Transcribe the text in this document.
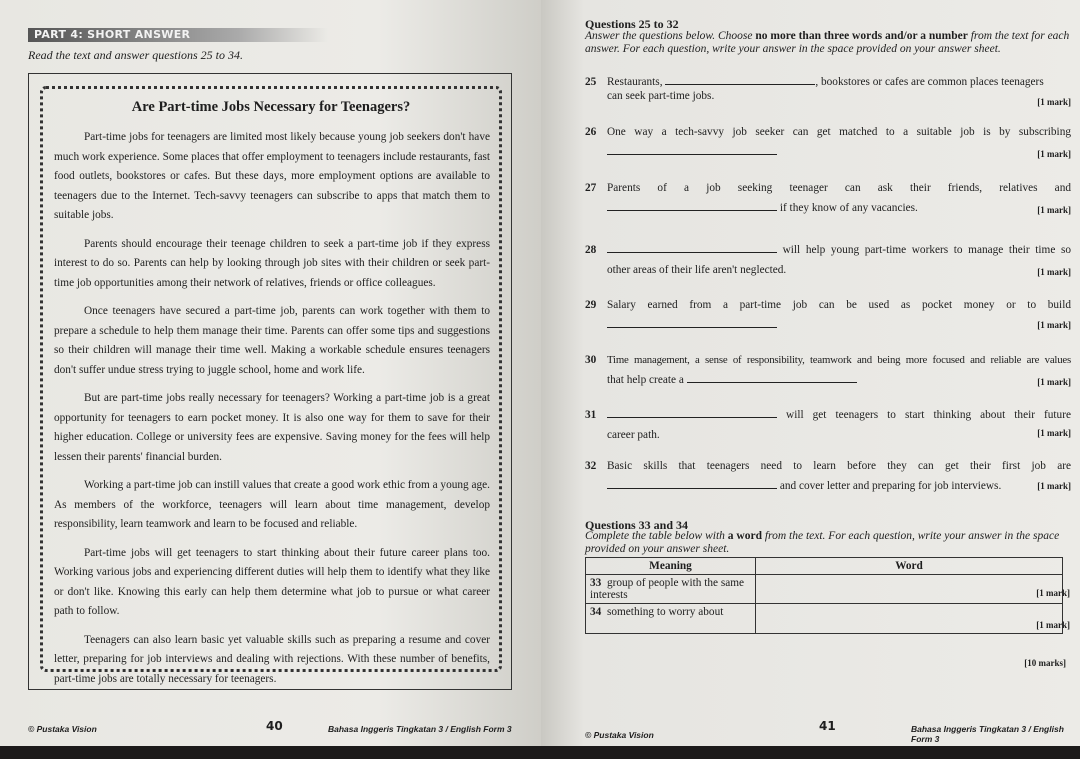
PART 4: SHORT ANSWER
Read the text and answer questions 25 to 34.
Are Part-time Jobs Necessary for Teenagers?

Part-time jobs for teenagers are limited most likely because young job seekers don't have much work experience. Some places that offer employment to teenagers include restaurants, fast food outlets, bookstores or cafes. But these days, more employment options are available to teenagers due to the Internet. Tech-savvy teenagers can subscribe to apps that match them to suitable jobs.

Parents should encourage their teenage children to seek a part-time job if they express interest to do so. Parents can help by looking through job sites with their children or seek part-time job opportunities among their network of relatives, friends or office colleagues.

Once teenagers have secured a part-time job, parents can work together with them to prepare a schedule to help them manage their time. Parents can offer some tips and suggestions so their children will manage their time well. Making a workable schedule ensures teenagers don't suffer undue stress trying to juggle school, home and work life.

But are part-time jobs really necessary for teenagers? Working a part-time job is a great opportunity for teenagers to earn pocket money. It is also one way for them to save for their higher education. College or university fees are expensive. Saving money for the fees will help lessen their parents' financial burden.

Working a part-time job can instill values that create a good work ethic from a young age. As members of the workforce, teenagers will learn about time management, develop responsibility, learn teamwork and learn to be focused and reliable.

Part-time jobs will get teenagers to start thinking about their future career plans too. Working various jobs and experiencing different duties will help them to identify what they like or don't like. Knowing this early can help them determine what job to pursue or what career path to follow.

Teenagers can also learn basic yet valuable skills such as preparing a resume and cover letter, preparing for job interviews and dealing with rejections. With these number of benefits, part-time jobs are totally necessary for teenagers.

© Pustaka Vision	40	Bahasa Inggeris Tingkatan 3 / English Form 3
Questions 25 to 32
Answer the questions below. Choose no more than three words and/or a number from the text for each answer. For each question, write your answer in the space provided on your answer sheet.
25 Restaurants,	, bookstores or cafes are common places teenagers
can seek part-time jobs.	[1 mark]
26 One way a tech-savvy job seeker can get matched to a suitable job is by subscribing
[1 mark]
27 Parents of a job seeking teenager can ask their friends, relatives and
if they know of any vacancies.	[1 mark]
28	will help young part-time workers to manage their time so
other areas of their life aren't neglected.	[1 mark]
29 Salary earned from a part-time job can be used as pocket money or to build
[1 mark]
30 Time management, a sense of responsibility, teamwork and being more focused and reliable are values
that help create a	[1 mark]
31	will get teenagers to start thinking about their future
career path.	[1 mark]
32 Basic skills that teenagers need to learn before they can get their first job are
and cover letter and preparing for job interviews.	[1 mark]
Questions 33 and 34
Complete the table below with a word from the text. For each question, write your answer in the space provided on your answer sheet.
Meaning	Word
33 group of people with the same interests	
34 something to worry about	
[1 mark]
[1 mark]
[10 marks]
© Pustaka Vision
41	Bahasa Inggeris Tingkatan 3 / English Form 3
